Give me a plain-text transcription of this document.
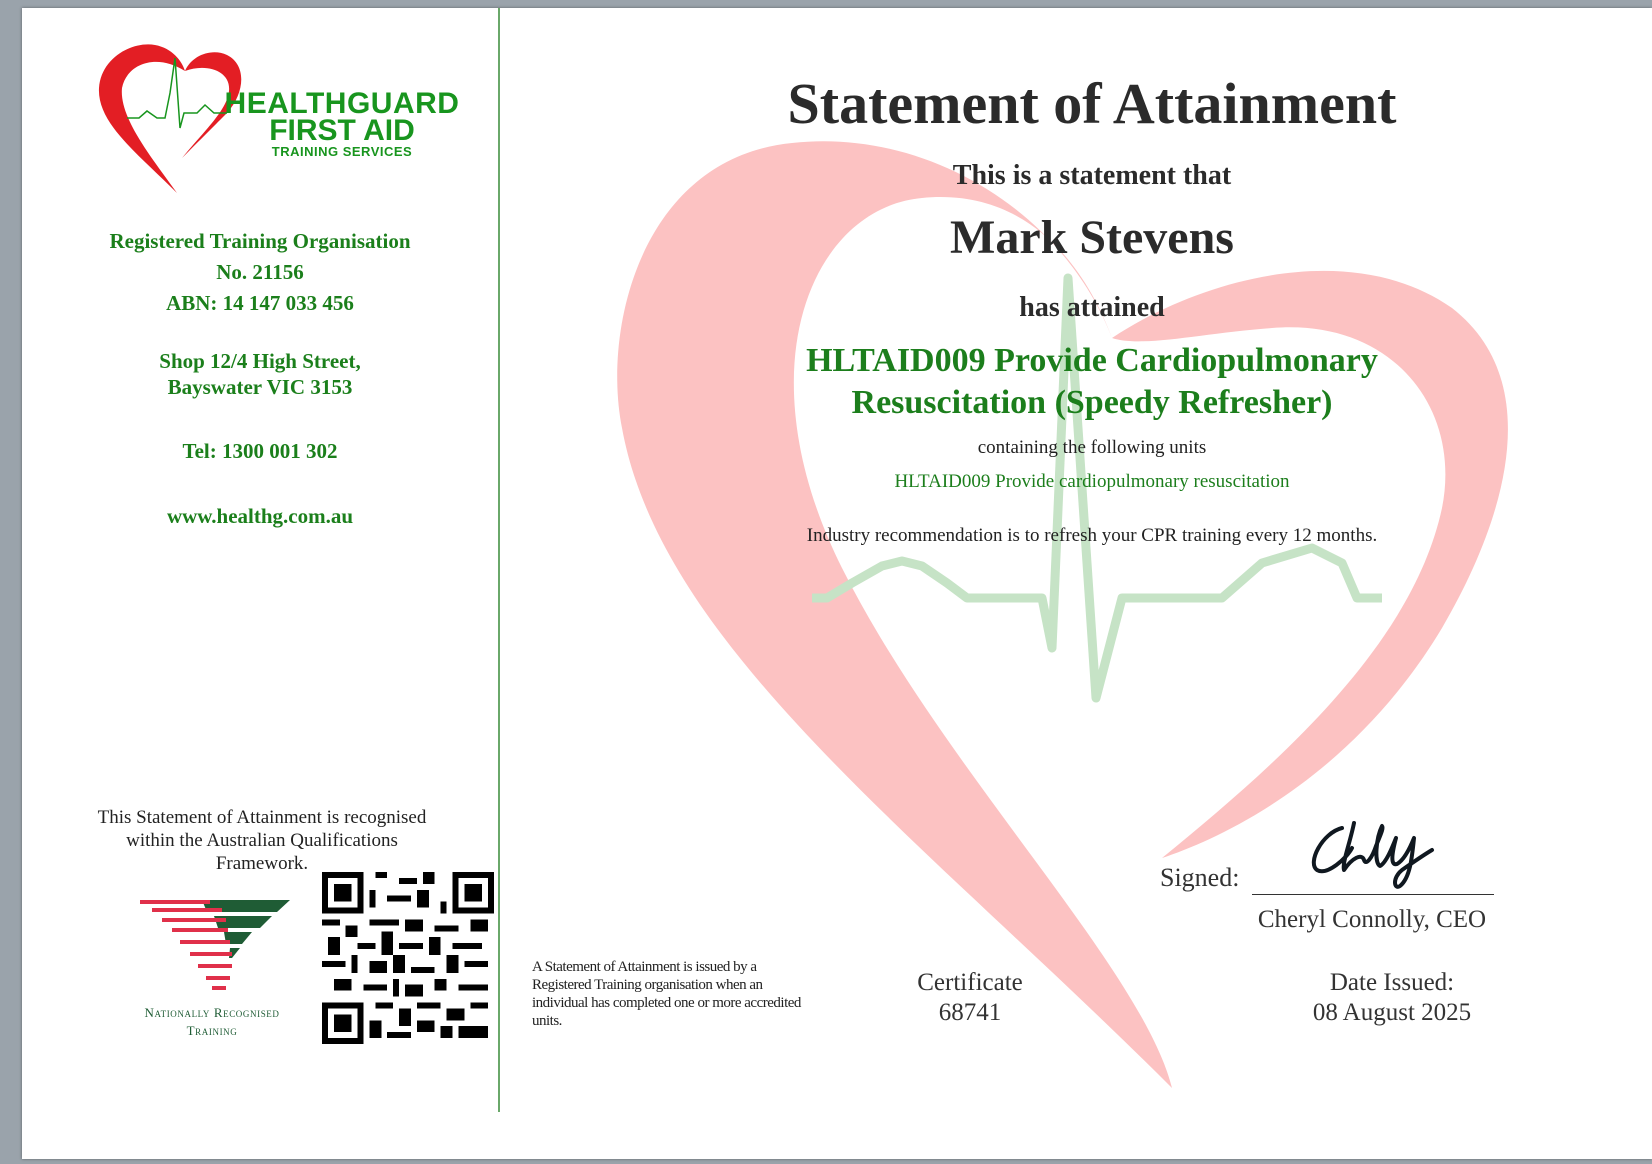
HEALTHGUARD
FIRST AID
TRAINING SERVICES
Registered Training Organisation
No. 21156
ABN: 14 147 033 456
Shop 12/4 High Street,
Bayswater VIC 3153
Tel: 1300 001 302
www.healthg.com.au
This Statement of Attainment is recognised within the Australian Qualifications Framework.
Nationally Recognised
Training
Statement of Attainment
This is a statement that
Mark Stevens
has attained
HLTAID009 Provide Cardiopulmonary
Resuscitation (Speedy Refresher)
containing the following units
HLTAID009 Provide cardiopulmonary resuscitation
Industry recommendation is to refresh your CPR training every 12 months.
A Statement of Attainment is issued by a Registered Training organisation when an individual has completed one or more accredited units.
Certificate
68741
Signed:
Cheryl Connolly, CEO
Date Issued:
08 August 2025
